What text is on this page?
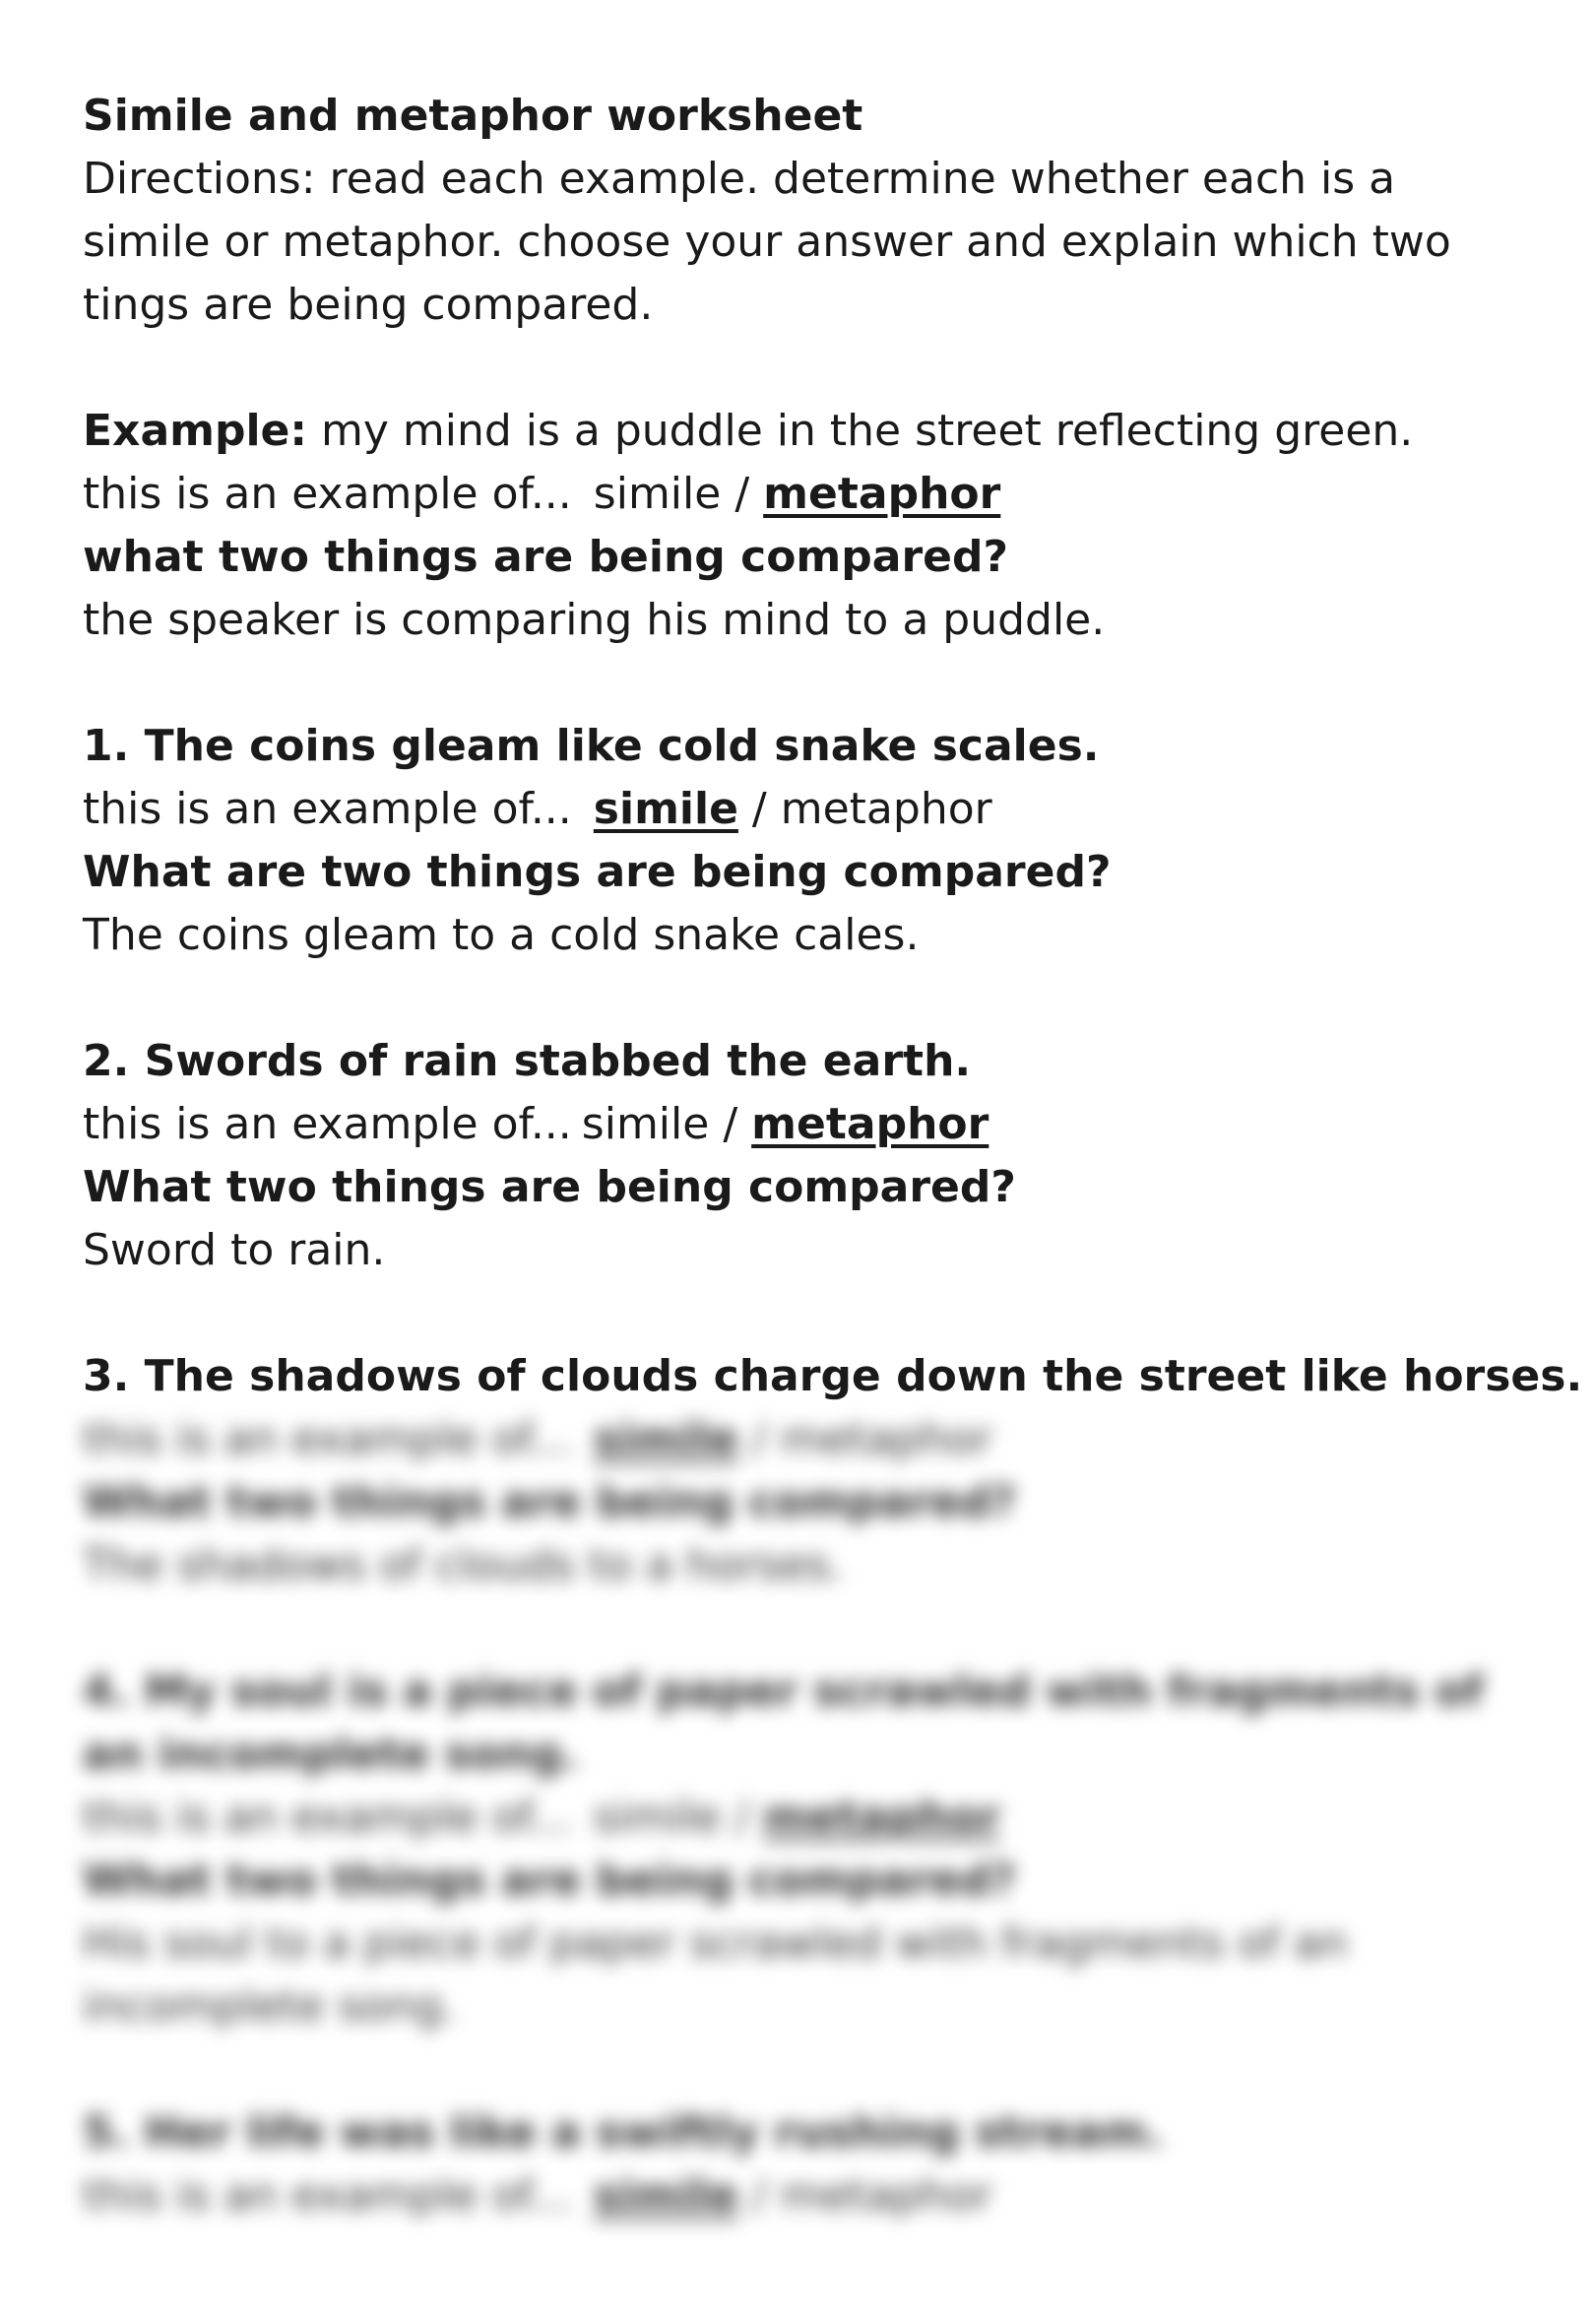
Simile and metaphor worksheet

Directions: read each example. determine whether each is a simile or metaphor. choose your answer and explain which two tings are being compared.

Example: my mind is a puddle in the street reflecting green.

this is an example of... simile / metaphor

what two things are being compared?

the speaker is comparing his mind to a puddle.

1. The coins gleam like cold snake scales.

this is an example of... simile / metaphor

What are two things are being compared?

The coins gleam to a cold snake cales.

2. Swords of rain stabbed the earth.

this is an example of... simile / metaphor

What two things are being compared?

Sword to rain.

3. The shadows of clouds charge down the street like horses.

this is an example of... simile / metaphor

What two things are being compared?

The shadows of clouds to a horses.

4. My soul is a piece of paper scrawled with fragments of an incomplete song.

this is an example of... simile / metaphor

What two things are being compared?

His soul to a piece of paper scrawled with fragments of an incomplete song.

5. Her life was like a swiftly rushing stream.

this is an example of... simile / metaphor
